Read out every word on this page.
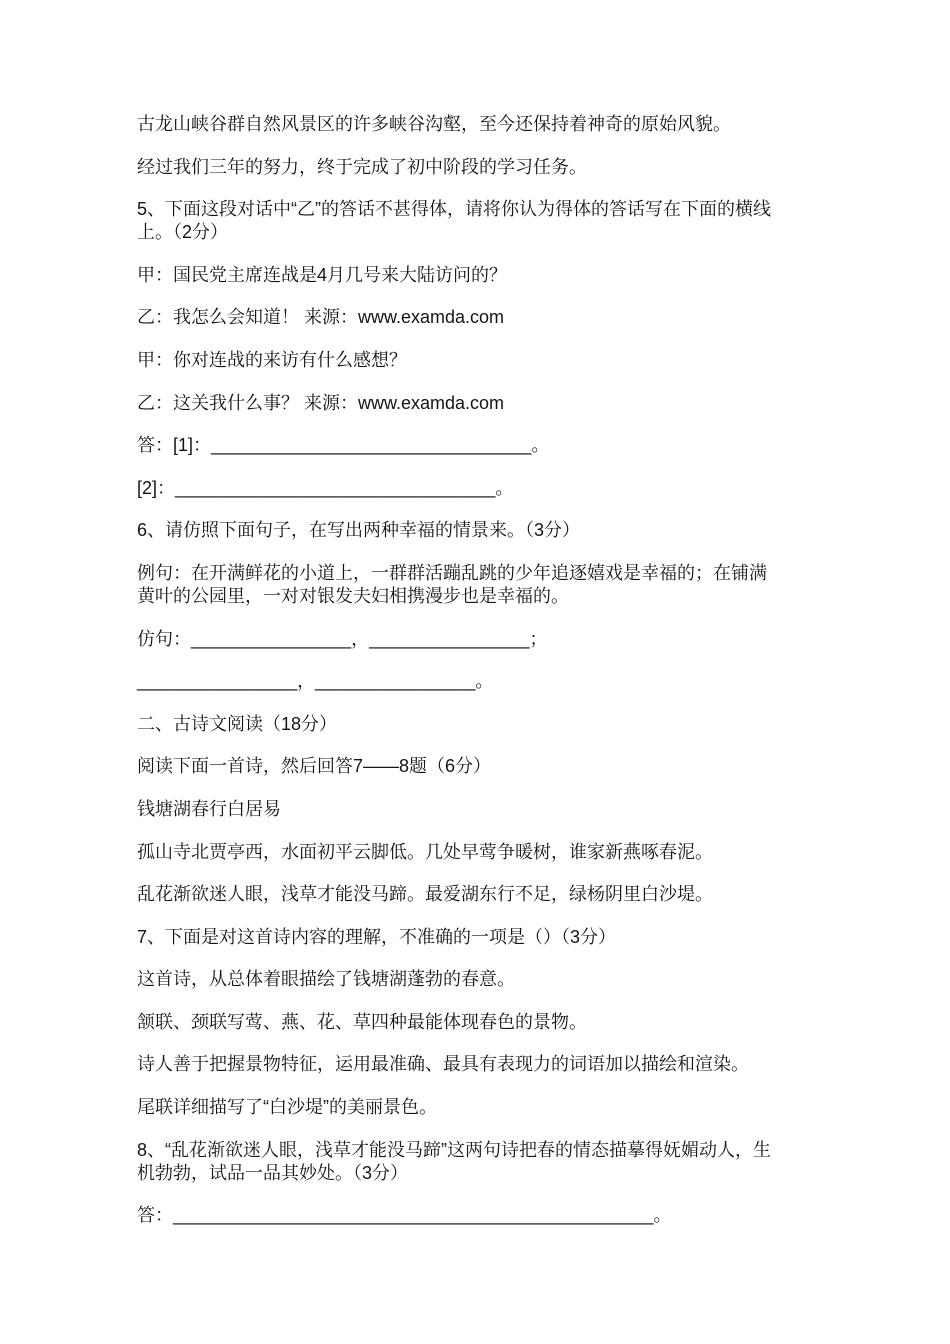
古龙山峡谷群自然风景区的许多峡谷沟壑，至今还保持着神奇的原始风貌。

经过我们三年的努力，终于完成了初中阶段的学习任务。

5、下面这段对话中“乙”的答话不甚得体，请将你认为得体的答话写在下面的横线
上。（2分）

甲：国民党主席连战是4月几号来大陆访问的？

乙：我怎么会知道！ 来源：www.examda.com

甲：你对连战的来访有什么感想？

乙：这关我什么事？ 来源：www.examda.com

答：[1]：________________________________。

[2]：________________________________。

6、请仿照下面句子，在写出两种幸福的情景来。（3分）

例句：在开满鲜花的小道上，一群群活蹦乱跳的少年追逐嬉戏是幸福的；在铺满
黄叶的公园里，一对对银发夫妇相携漫步也是幸福的。

仿句：________________，________________；

________________，________________。

二、古诗文阅读（18分）

阅读下面一首诗，然后回答7——8题（6分）

钱塘湖春行白居易

孤山寺北贾亭西，水面初平云脚低。几处早莺争暖树，谁家新燕啄春泥。

乱花渐欲迷人眼，浅草才能没马蹄。最爱湖东行不足，绿杨阴里白沙堤。

7、下面是对这首诗内容的理解，不准确的一项是（）（3分）

这首诗，从总体着眼描绘了钱塘湖蓬勃的春意。

颔联、颈联写莺、燕、花、草四种最能体现春色的景物。

诗人善于把握景物特征，运用最准确、最具有表现力的词语加以描绘和渲染。

尾联详细描写了“白沙堤”的美丽景色。

8、“乱花渐欲迷人眼，浅草才能没马蹄”这两句诗把春的情态描摹得妩媚动人，生
机勃勃，试品一品其妙处。（3分）

答：________________________________________________。
